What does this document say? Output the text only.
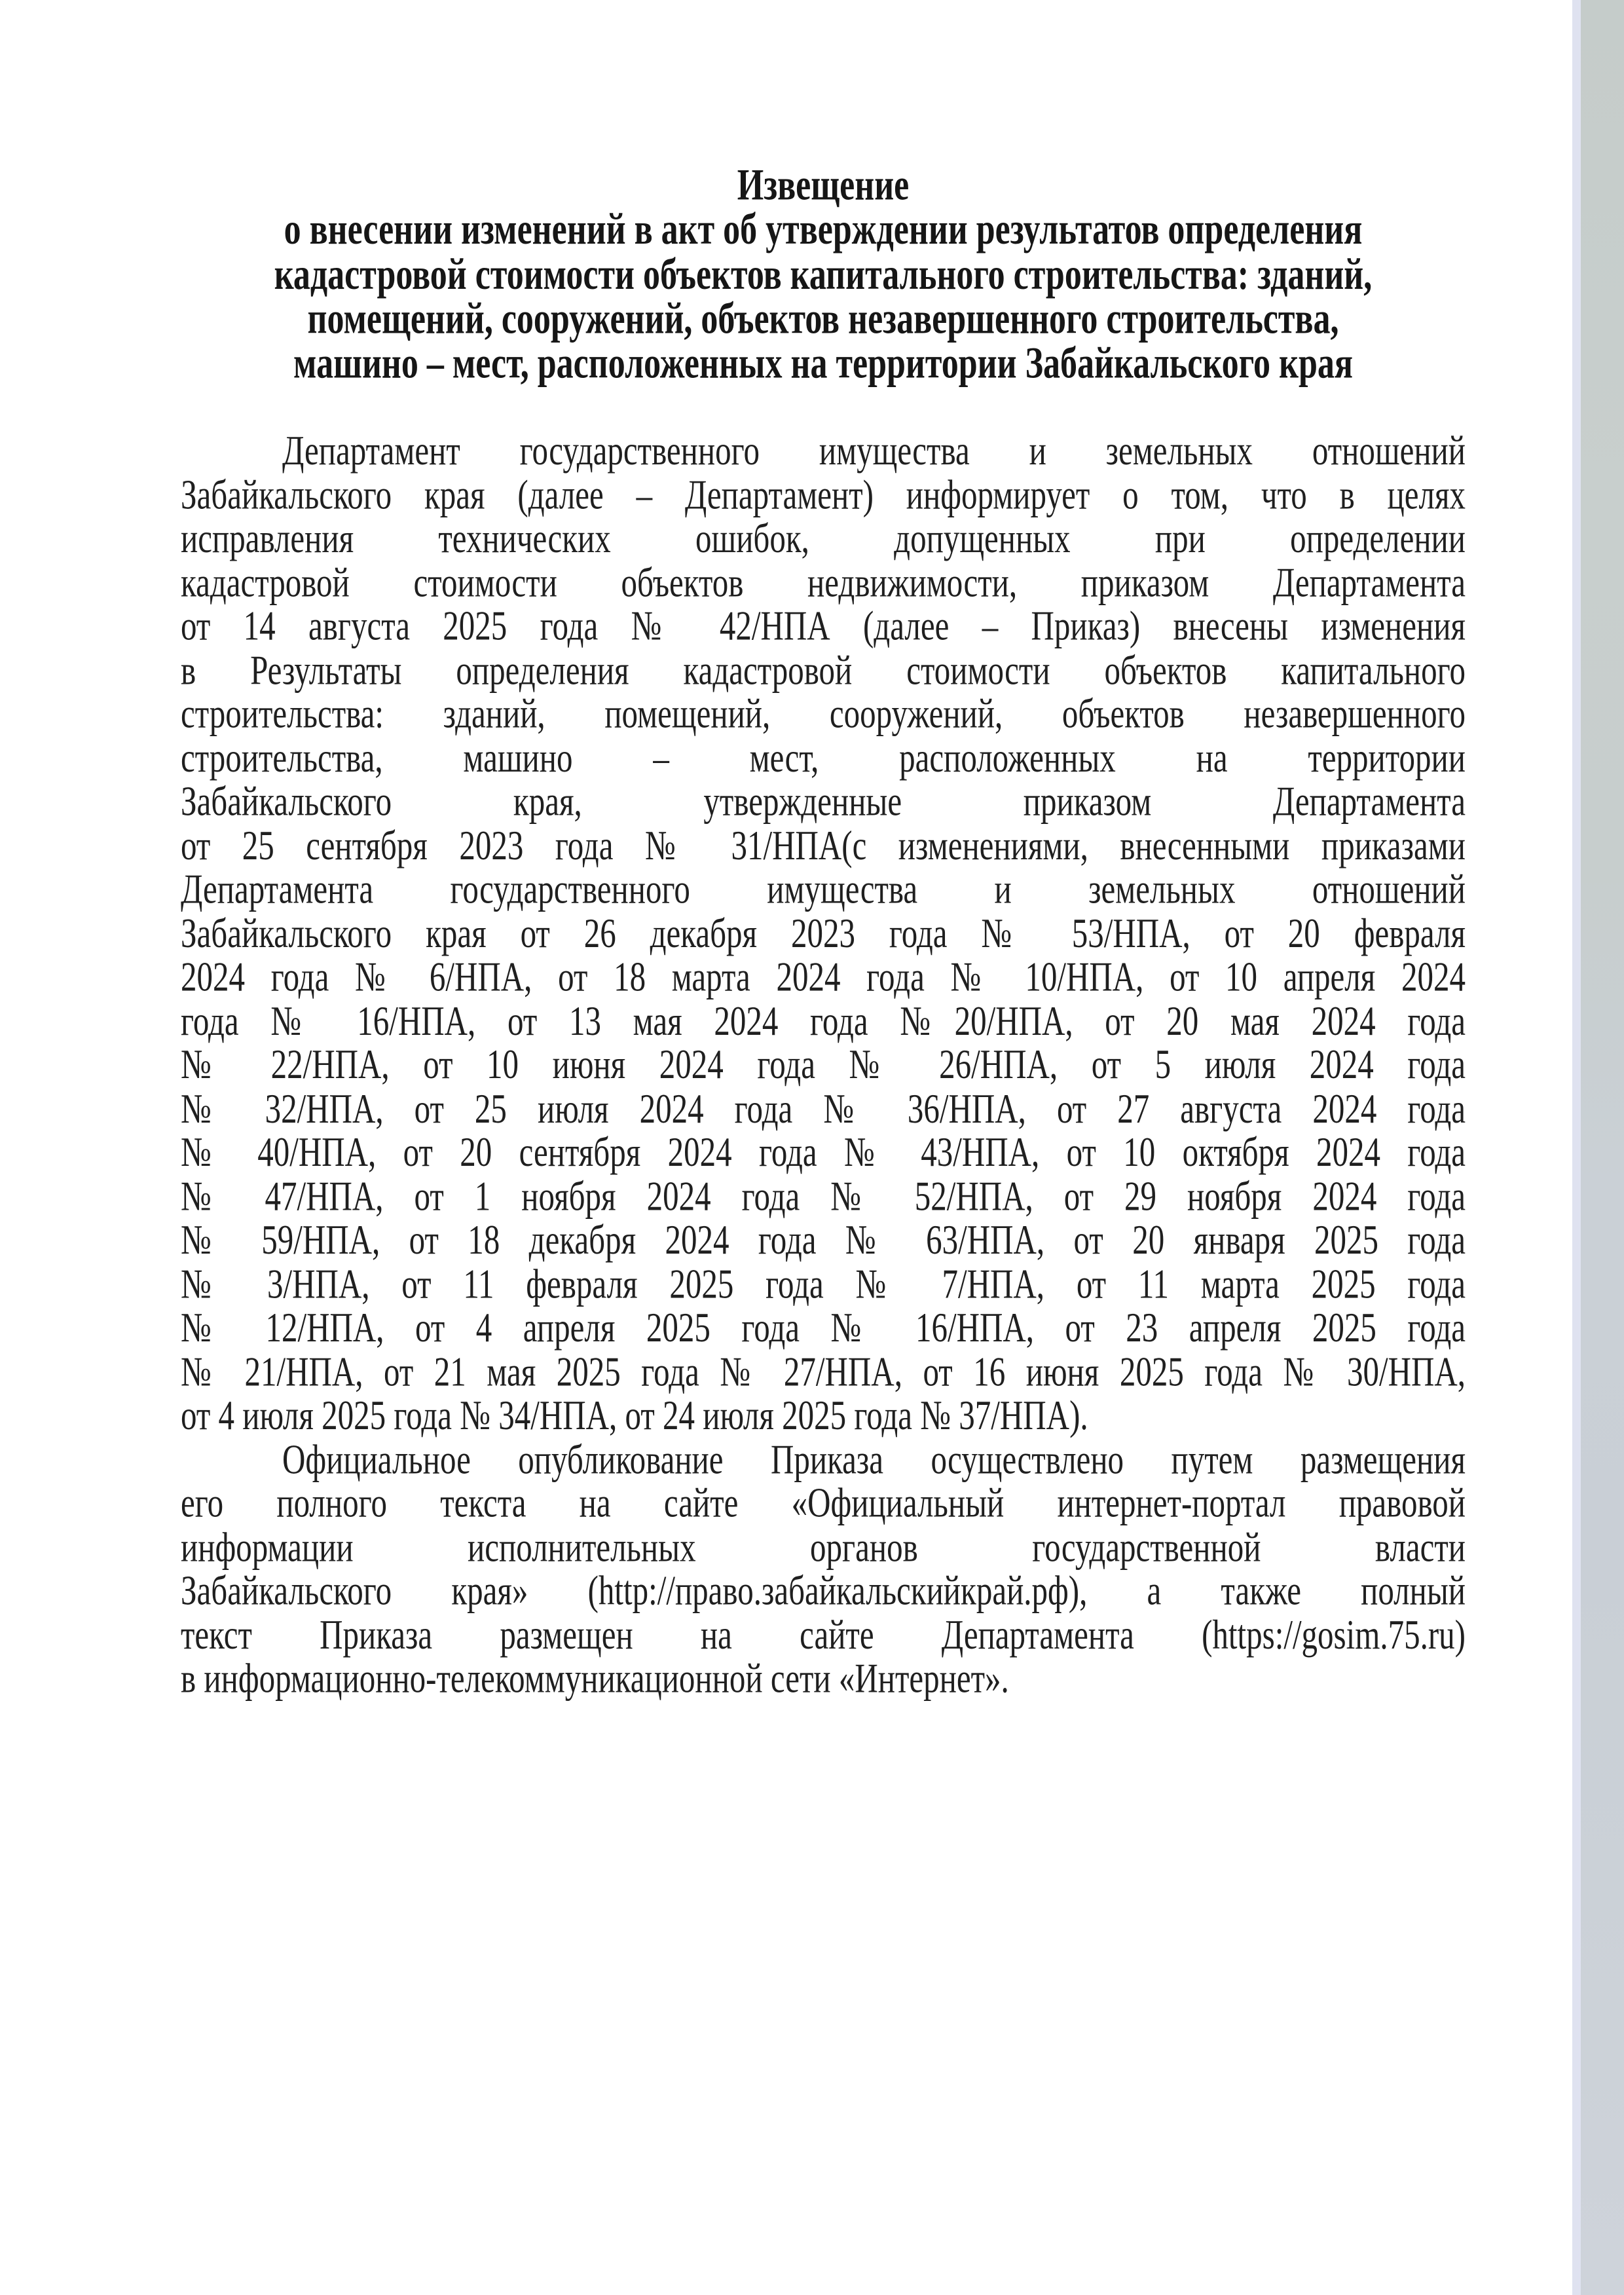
Извещение
о внесении изменений в акт об утверждении результатов определения
кадастровой стоимости объектов капитального строительства: зданий,
помещений, сооружений, объектов незавершенного строительства,
машино – мест, расположенных на территории Забайкальского края
Департамент государственного имущества и земельных отношений
Забайкальского края (далее – Департамент) информирует о том, что в целях
исправления технических ошибок, допущенных при определении
кадастровой стоимости объектов недвижимости, приказом Департамента
от 14 августа 2025 года № 42/НПА (далее – Приказ) внесены изменения
в Результаты определения кадастровой стоимости объектов капитального
строительства: зданий, помещений, сооружений, объектов незавершенного
строительства, машино – мест, расположенных на территории
Забайкальского края, утвержденные приказом Департамента
от 25 сентября 2023 года № 31/НПА(с изменениями, внесенными приказами
Департамента государственного имущества и земельных отношений
Забайкальского края от 26 декабря 2023 года № 53/НПА, от 20 февраля
2024 года № 6/НПА, от 18 марта 2024 года № 10/НПА, от 10 апреля 2024
года № 16/НПА, от 13 мая 2024 года №20/НПА, от 20 мая 2024 года
№ 22/НПА, от 10 июня 2024 года № 26/НПА, от 5 июля 2024 года
№ 32/НПА, от 25 июля 2024 года № 36/НПА, от 27 августа 2024 года
№ 40/НПА, от 20 сентября 2024 года № 43/НПА, от 10 октября 2024 года
№ 47/НПА, от 1 ноября 2024 года № 52/НПА, от 29 ноября 2024 года
№ 59/НПА, от 18 декабря 2024 года № 63/НПА, от 20 января 2025 года
№ 3/НПА, от 11 февраля 2025 года № 7/НПА, от 11 марта 2025 года
№ 12/НПА, от 4 апреля 2025 года № 16/НПА, от 23 апреля 2025 года
№ 21/НПА, от 21 мая 2025 года № 27/НПА, от 16 июня 2025 года № 30/НПА,
от 4 июля 2025 года № 34/НПА, от 24 июля 2025 года № 37/НПА).
Официальное опубликование Приказа осуществлено путем размещения
его полного текста на сайте «Официальный интернет-портал правовой
информации исполнительных органов государственной власти
Забайкальского края» (http://право.забайкальскийкрай.рф), а также полный
текст Приказа размещен на сайте Департамента (https://gosim.75.ru)
в информационно-телекоммуникационной сети «Интернет».
